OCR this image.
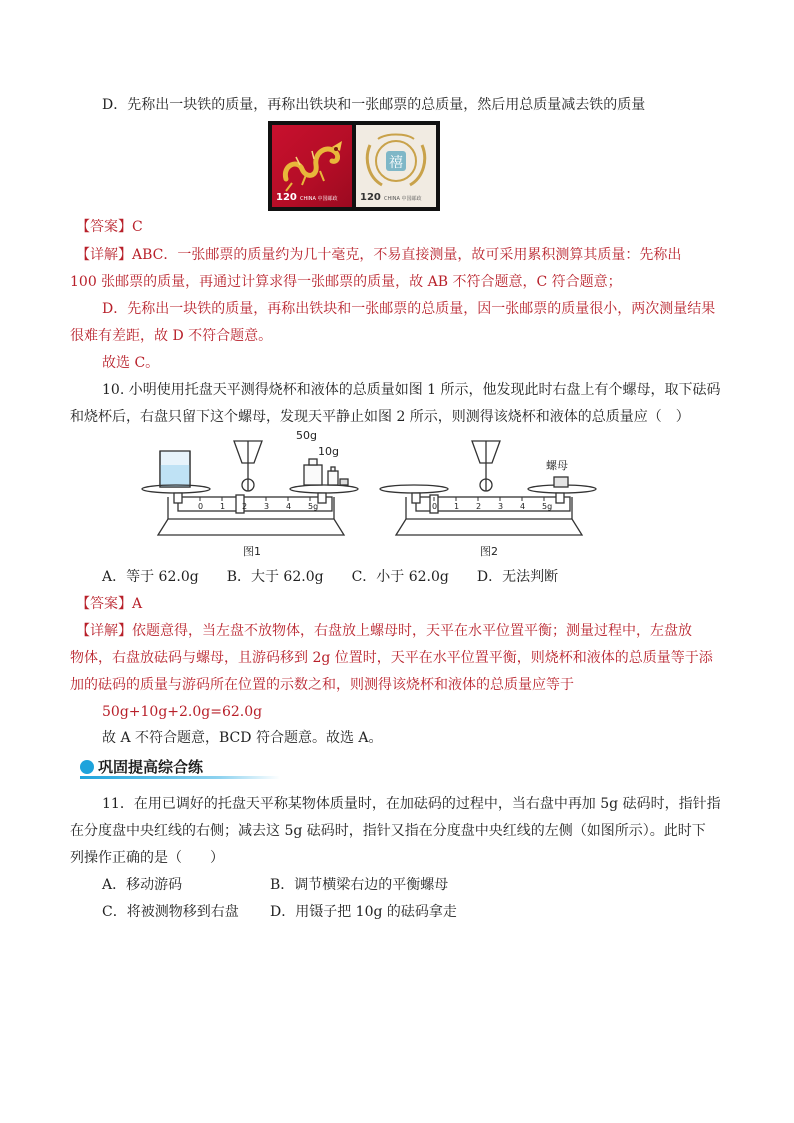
D．先称出一块铁的质量，再称出铁块和一张邮票的总质量，然后用总质量减去铁的质量
120 CHINA 中国邮政
禧
120 CHINA 中国邮政
【答案】C
【详解】ABC．一张邮票的质量约为几十毫克，不易直接测量，故可采用累积测算其质量：先称出
100 张邮票的质量，再通过计算求得一张邮票的质量，故 AB 不符合题意，C 符合题意；
D．先称出一块铁的质量，再称出铁块和一张邮票的总质量，因一张邮票的质量很小，两次测量结果
很难有差距，故 D 不符合题意。
故选 C。
10. 小明使用托盘天平测得烧杯和液体的总质量如图 1 所示，他发现此时右盘上有个螺母，取下砝码
和烧杯后，右盘只留下这个螺母，发现天平静止如图 2 所示，则测得该烧杯和液体的总质量应（　）
0 1 2 3 4 5g	0 1 2 3 4 5g
50g
10g
螺母
图1	图2
A．等于 62.0g　　B．大于 62.0g　　C．小于 62.0g　　D．无法判断
【答案】A
【详解】依题意得，当左盘不放物体，右盘放上螺母时，天平在水平位置平衡；测量过程中，左盘放
物体，右盘放砝码与螺母，且游码移到 2g 位置时，天平在水平位置平衡，则烧杯和液体的总质量等于添
加的砝码的质量与游码所在位置的示数之和，则测得该烧杯和液体的总质量应等于
50g+10g+2.0g=62.0g
故 A 不符合题意，BCD 符合题意。故选 A。
巩固提高综合练
11．在用已调好的托盘天平称某物体质量时，在加砝码的过程中，当右盘中再加 5g 砝码时，指针指
在分度盘中央红线的右侧；减去这 5g 砝码时，指针又指在分度盘中央红线的左侧（如图所示）。此时下
列操作正确的是（　　）
A．移动游码	B．调节横梁右边的平衡螺母
C．将被测物移到右盘 D．用镊子把 10g 的砝码拿走
